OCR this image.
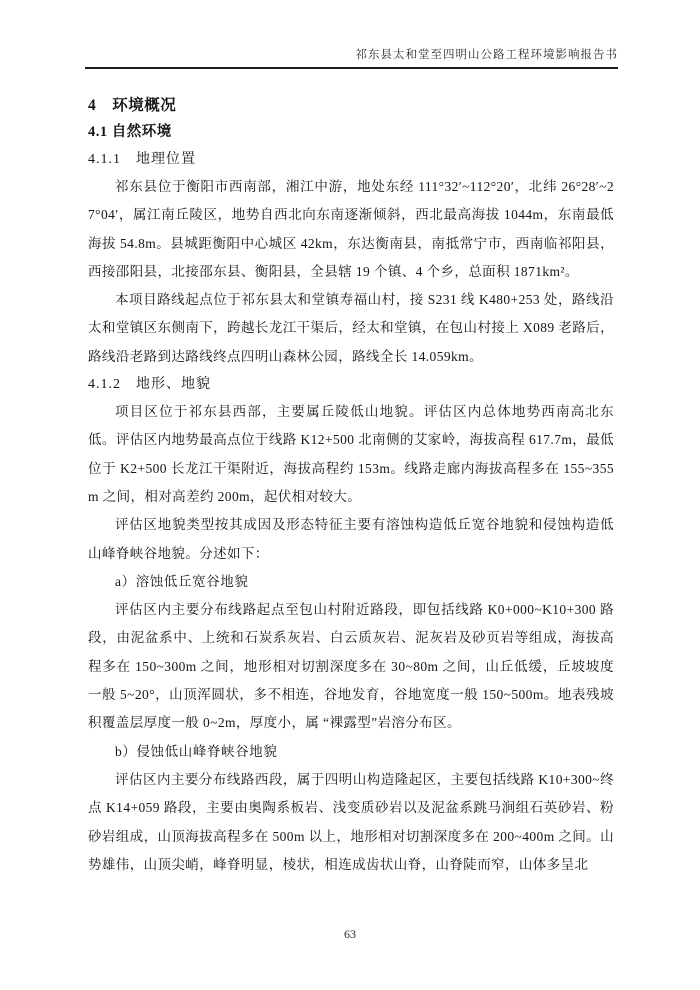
祁东县太和堂至四明山公路工程环境影响报告书
4　环境概况
4.1 自然环境
4.1.1　地理位置

祁东县位于衡阳市西南部，湘江中游，地处东经 111°32′~112°20′，北纬 26°28′~27°04′，属江南丘陵区，地势自西北向东南逐渐倾斜，西北最高海拔 1044m，东南最低海拔 54.8m。县城距衡阳中心城区 42km，东达衡南县，南抵常宁市，西南临祁阳县，西接邵阳县，北接邵东县、衡阳县，全县辖 19 个镇、4 个乡，总面积 1871km²。

本项目路线起点位于祁东县太和堂镇寿福山村，接 S231 线 K480+253 处，路线沿太和堂镇区东侧南下，跨越长龙江干渠后，经太和堂镇，在包山村接上 X089 老路后，路线沿老路到达路线终点四明山森林公园，路线全长 14.059km。

4.1.2　地形、地貌

项目区位于祁东县西部，主要属丘陵低山地貌。评估区内总体地势西南高北东低。评估区内地势最高点位于线路 K12+500 北南侧的艾家岭，海拔高程 617.7m，最低位于 K2+500 长龙江干渠附近，海拔高程约 153m。线路走廊内海拔高程多在 155~355m 之间，相对高差约 200m，起伏相对较大。

评估区地貌类型按其成因及形态特征主要有溶蚀构造低丘宽谷地貌和侵蚀构造低山峰脊峡谷地貌。分述如下：

a）溶蚀低丘宽谷地貌

评估区内主要分布线路起点至包山村附近路段，即包括线路 K0+000~K10+300 路段，由泥盆系中、上统和石炭系灰岩、白云质灰岩、泥灰岩及砂页岩等组成，海拔高程多在 150~300m 之间，地形相对切割深度多在 30~80m 之间，山丘低缓，丘坡坡度一般 5~20°，山顶浑圆状，多不相连，谷地发育，谷地宽度一般 150~500m。地表残坡积覆盖层厚度一般 0~2m，厚度小，属 “裸露型”岩溶分布区。

b）侵蚀低山峰脊峡谷地貌

评估区内主要分布线路西段，属于四明山构造隆起区，主要包括线路 K10+300~终点 K14+059 路段，主要由奥陶系板岩、浅变质砂岩以及泥盆系跳马涧组石英砂岩、粉砂岩组成，山顶海拔高程多在 500m 以上，地形相对切割深度多在 200~400m 之间。山势雄伟，山顶尖峭，峰脊明显，棱状，相连成齿状山脊，山脊陡而窄，山体多呈北

63
